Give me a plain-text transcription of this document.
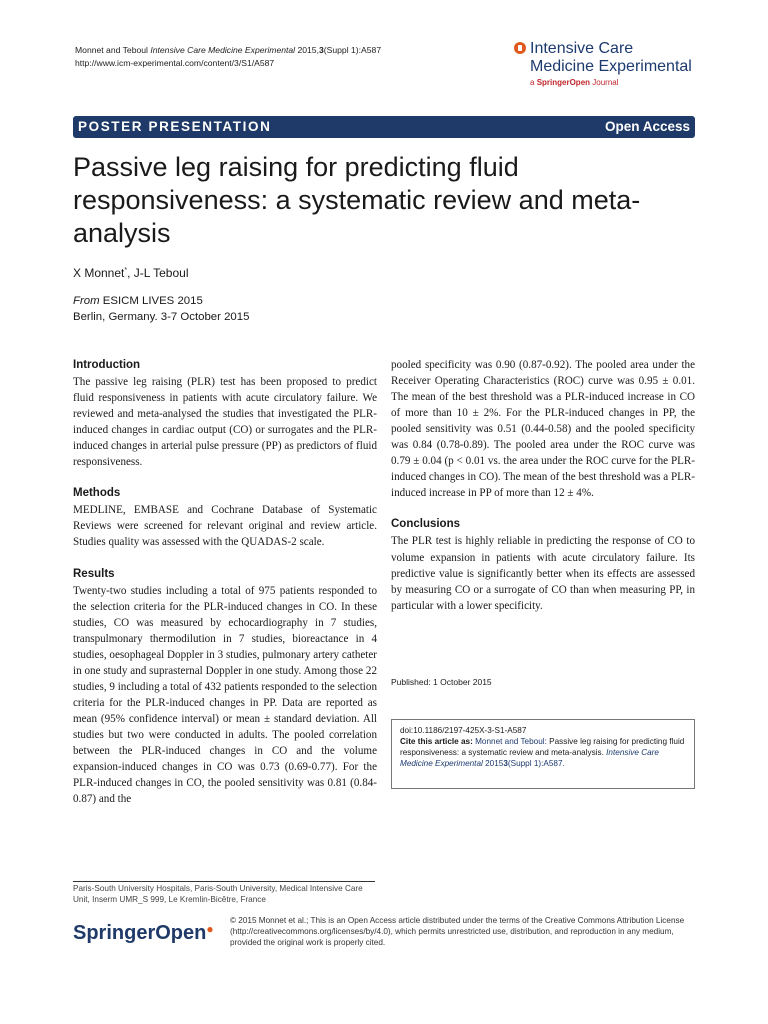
Monnet and Teboul Intensive Care Medicine Experimental 2015,3(Suppl 1):A587
http://www.icm-experimental.com/content/3/S1/A587
Intensive Care
Medicine Experimental
a SpringerOpen Journal
POSTER PRESENTATION	Open Access
Passive leg raising for predicting fluid responsiveness: a systematic review and meta-analysis
X Monnet*, J-L Teboul
From ESICM LIVES 2015
Berlin, Germany. 3-7 October 2015
Introduction

The passive leg raising (PLR) test has been proposed to predict fluid responsiveness in patients with acute circulatory failure. We reviewed and meta-analysed the studies that investigated the PLR-induced changes in cardiac output (CO) or surrogates and the PLR-induced changes in arterial pulse pressure (PP) as predictors of fluid responsiveness.

Methods

MEDLINE, EMBASE and Cochrane Database of Systematic Reviews were screened for relevant original and review article. Studies quality was assessed with the QUADAS-2 scale.

Results

Twenty-two studies including a total of 975 patients responded to the selection criteria for the PLR-induced changes in CO. In these studies, CO was measured by echocardiography in 7 studies, transpulmonary thermodilution in 7 studies, bioreactance in 4 studies, oesophageal Doppler in 3 studies, pulmonary artery catheter in one study and suprasternal Doppler in one study. Among those 22 studies, 9 including a total of 432 patients responded to the selection criteria for the PLR-induced changes in PP. Data are reported as mean (95% confidence interval) or mean ± standard deviation. All studies but two were conducted in adults. The pooled correlation between the PLR-induced changes in CO and the volume expansion-induced changes in CO was 0.73 (0.69-0.77). For the PLR-induced changes in CO, the pooled sensitivity was 0.81 (0.84-0.87) and the

pooled specificity was 0.90 (0.87-0.92). The pooled area under the Receiver Operating Characteristics (ROC) curve was 0.95 ± 0.01. The mean of the best threshold was a PLR-induced increase in CO of more than 10 ± 2%. For the PLR-induced changes in PP, the pooled sensitivity was 0.51 (0.44-0.58) and the pooled specificity was 0.84 (0.78-0.89). The pooled area under the ROC curve was 0.79 ± 0.04 (p < 0.01 vs. the area under the ROC curve for the PLR-induced changes in CO). The mean of the best threshold was a PLR-induced increase in PP of more than 12 ± 4%.

Conclusions

The PLR test is highly reliable in predicting the response of CO to volume expansion in patients with acute circulatory failure. Its predictive value is significantly better when its effects are assessed by measuring CO or a surrogate of CO than when measuring PP, in particular with a lower specificity.

Published: 1 October 2015
doi:10.1186/2197-425X-3-S1-A587
Cite this article as: Monnet and Teboul: Passive leg raising for predicting fluid responsiveness: a systematic review and meta-analysis. Intensive Care Medicine Experimental 20153(Suppl 1):A587.
Paris-South University Hospitals, Paris-South University, Medical Intensive Care Unit, Inserm UMR_S 999, Le Kremlin-Bicêtre, France
SpringerOpen●
© 2015 Monnet et al.; This is an Open Access article distributed under the terms of the Creative Commons Attribution License (http://creativecommons.org/licenses/by/4.0), which permits unrestricted use, distribution, and reproduction in any medium, provided the original work is properly cited.
